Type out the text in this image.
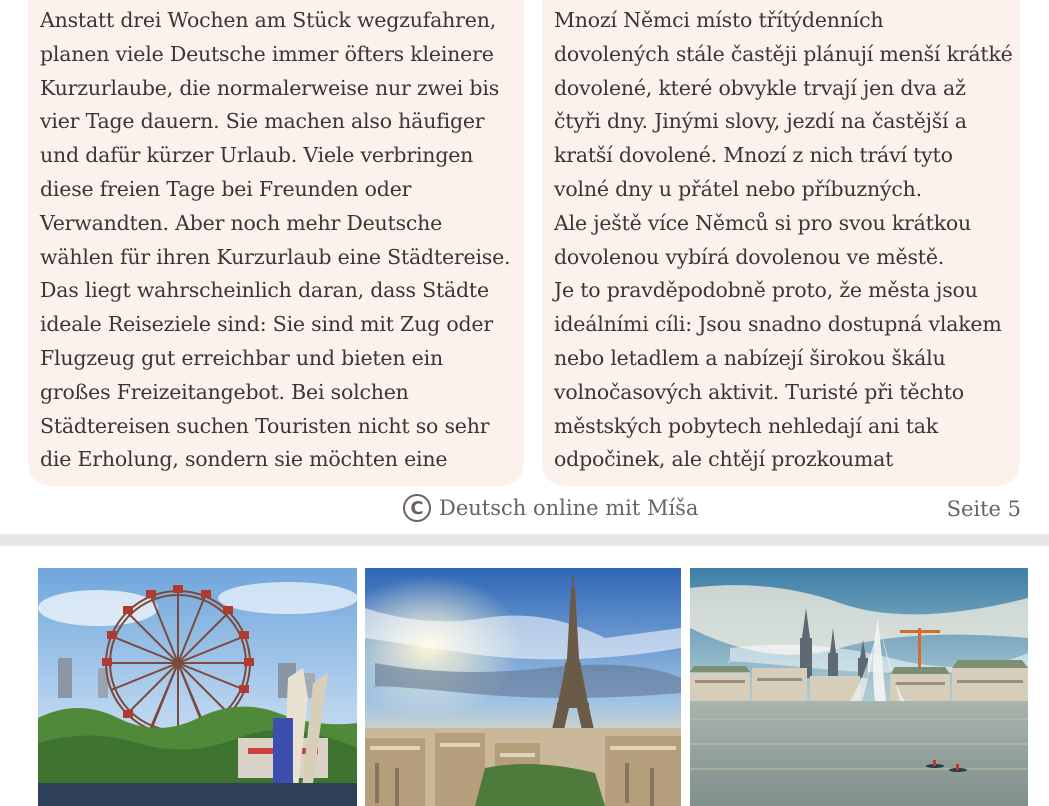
Anstatt drei Wochen am Stück wegzufahren,
planen viele Deutsche immer öfters kleinere
Kurzurlaube, die normalerweise nur zwei bis
vier Tage dauern. Sie machen also häufiger
und dafür kürzer Urlaub. Viele verbringen
diese freien Tage bei Freunden oder
Verwandten. Aber noch mehr Deutsche
wählen für ihren Kurzurlaub eine Städtereise.
Das liegt wahrscheinlich daran, dass Städte
ideale Reiseziele sind: Sie sind mit Zug oder
Flugzeug gut erreichbar und bieten ein
großes Freizeitangebot. Bei solchen
Städtereisen suchen Touristen nicht so sehr
die Erholung, sondern sie möchten eine

Mnozí Němci místo třítýdenních
dovolených stále častěji plánují menší krátké
dovolené, které obvykle trvají jen dva až
čtyři dny. Jinými slovy, jezdí na častější a
kratší dovolené. Mnozí z nich tráví tyto
volné dny u přátel nebo příbuzných.
Ale ještě více Němců si pro svou krátkou
dovolenou vybírá dovolenou ve městě.
Je to pravděpodobně proto, že města jsou
ideálními cíli: Jsou snadno dostupná vlakem
nebo letadlem a nabízejí širokou škálu
volnočasových aktivit. Turisté při těchto
městských pobytech nehledají ani tak
odpočinek, ale chtějí prozkoumat

C Deutsch online mit Míša	Seite 5
